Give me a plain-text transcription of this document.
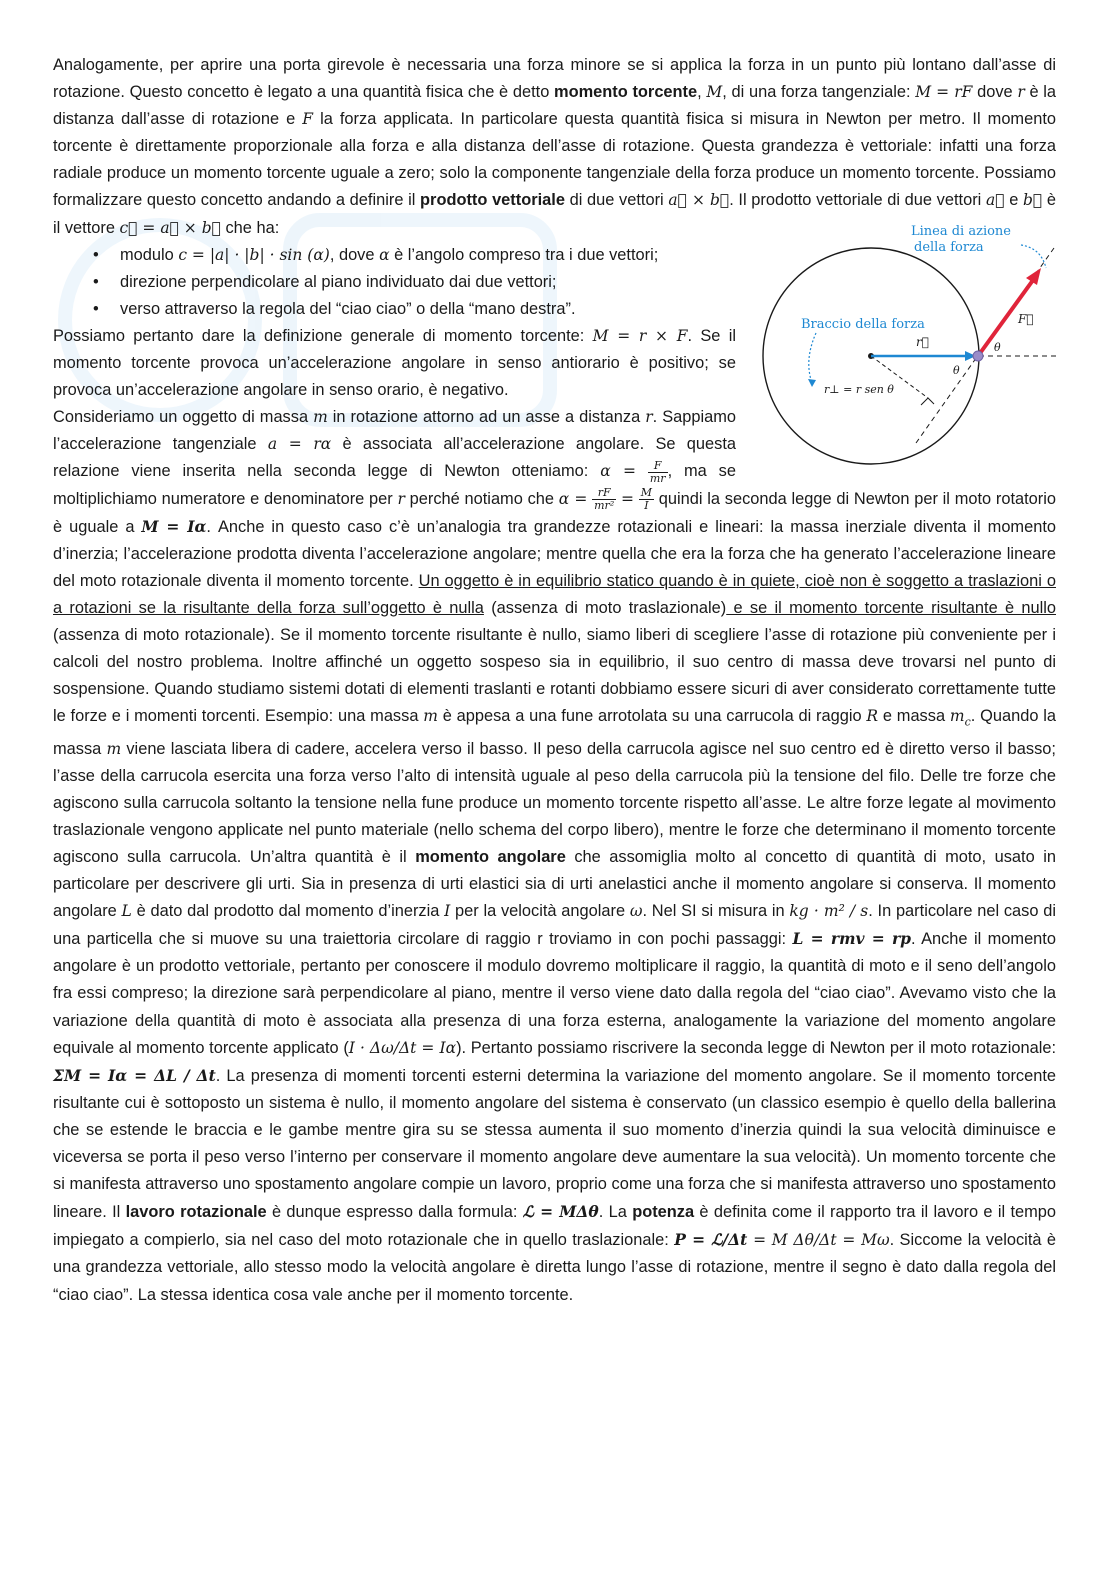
Analogamente, per aprire una porta girevole è necessaria una forza minore se si applica la forza in un punto più lontano dall’asse di rotazione. Questo concetto è legato a una quantità fisica che è detto momento torcente, M, di una forza tangenziale: M = rF dove r è la distanza dall’asse di rotazione e F la forza applicata. In particolare questa quantità fisica si misura in Newton per metro. Il momento torcente è direttamente proporzionale alla forza e alla distanza dell’asse di rotazione. Questa grandezza è vettoriale: infatti una forza radiale produce un momento torcente uguale a zero; solo la componente tangenziale della forza produce un momento torcente. Possiamo formalizzare questo concetto andando a definire il prodotto vettoriale di due vettori a⃗ × b⃗. Il prodotto vettoriale di due vettori a⃗ e b⃗ è il vettore c⃗ = a⃗ × b⃗ che ha:	Linea di azione
della forza
Braccio della forza
r⃗
F⃗
θ
θ
r⊥ = r sen θ
• modulo c = |a| · |b| · sin (α), dove α è l’angolo compreso tra i due vettori;
• direzione perpendicolare al piano individuato dai due vettori;
• verso attraverso la regola del “ciao ciao” o della “mano destra”.

Possiamo pertanto dare la definizione generale di momento torcente: M = r × F. Se il momento torcente provoca un’accelerazione angolare in senso antiorario è positivo; se provoca un’accelerazione angolare in senso orario, è negativo.

Consideriamo un oggetto di massa m in rotazione attorno ad un asse a distanza r. Sappiamo l’accelerazione tangenziale a = rα è associata all’accelerazione angolare. Se questa relazione viene inserita nella seconda legge di Newton otteniamo: $\alpha = \frac{F}{mr}$ , ma se moltiplichiamo numeratore e denominatore per r perché notiamo che $\alpha = \frac{rF}{\text{mr²}} = \frac{M}{I}$ quindi la seconda legge di Newton per il moto rotatorio è uguale a M = Iα. Anche in questo caso c’è un’analogia tra grandezze rotazionali e lineari: la massa inerziale diventa il momento d’inerzia; l’accelerazione prodotta diventa l’accelerazione angolare; mentre quella che era la forza che ha generato l’accelerazione lineare del moto rotazionale diventa il momento torcente. Un oggetto è in equilibrio statico quando è in quiete, cioè non è soggetto a traslazioni o a rotazioni se la risultante della forza sull’oggetto è nulla (assenza di moto traslazionale) e se il momento torcente risultante è nullo (assenza di moto rotazionale). Se il momento torcente risultante è nullo, siamo liberi di scegliere l’asse di rotazione più conveniente per i calcoli del nostro problema. Inoltre affinché un oggetto sospeso sia in equilibrio, il suo centro di massa deve trovarsi nel punto di sospensione. Quando studiamo sistemi dotati di elementi traslanti e rotanti dobbiamo essere sicuri di aver considerato correttamente tutte le forze e i momenti torcenti. Esempio: una massa m è appesa a una fune arrotolata su una carrucola di raggio R e massa $m_c$. Quando la massa m viene lasciata libera di cadere, accelera verso il basso. Il peso della carrucola agisce nel suo centro ed è diretto verso il basso; l’asse della carrucola esercita una forza verso l’alto di intensità uguale al peso della carrucola più la tensione del filo. Delle tre forze che agiscono sulla carrucola soltanto la tensione nella fune produce un momento torcente rispetto all’asse. Le altre forze legate al movimento traslazionale vengono applicate nel punto materiale (nello schema del corpo libero), mentre le forze che determinano il momento torcente agiscono sulla carrucola. Un’altra quantità è il momento angolare che assomiglia molto al concetto di quantità di moto, usato in particolare per descrivere gli urti. Sia in presenza di urti elastici sia di urti anelastici anche il momento angolare si conserva. Il momento angolare L è dato dal prodotto dal momento d’inerzia I per la velocità angolare ω. Nel SI si misura in kg · m² / s. In particolare nel caso di una particella che si muove su una traiettoria circolare di raggio r troviamo in con pochi passaggi: L = rmv = rp. Anche il momento angolare è un prodotto vettoriale, pertanto per conoscere il modulo dovremo moltiplicare il raggio, la quantità di moto e il seno dell’angolo fra essi compreso; la direzione sarà perpendicolare al piano, mentre il verso viene dato dalla regola del “ciao ciao”. Avevamo visto che la variazione della quantità di moto è associata alla presenza di una forza esterna, analogamente la variazione del momento angolare equivale al momento torcente applicato (I · Δω/Δt = Iα). Pertanto possiamo riscrivere la seconda legge di Newton per il moto rotazionale: ΣM = Iα = ΔL / Δt. La presenza di momenti torcenti esterni determina la variazione del momento angolare. Se il momento torcente risultante cui è sottoposto un sistema è nullo, il momento angolare del sistema è conservato (un classico esempio è quello della ballerina che se estende le braccia e le gambe mentre gira su se stessa aumenta il suo momento d’inerzia quindi la sua velocità diminuisce e viceversa se porta il peso verso l’interno per conservare il momento angolare deve aumentare la sua velocità). Un momento torcente che si manifesta attraverso uno spostamento angolare compie un lavoro, proprio come una forza che si manifesta attraverso uno spostamento lineare. Il lavoro rotazionale è dunque espresso dalla formula: ℒ = MΔθ. La potenza è definita come il rapporto tra il lavoro e il tempo impiegato a compierlo, sia nel caso del moto rotazionale che in quello traslazionale: P = ℒ/Δt = M Δθ/Δt = Mω. Siccome la velocità è una grandezza vettoriale, allo stesso modo la velocità angolare è diretta lungo l’asse di rotazione, mentre il segno è dato dalla regola del “ciao ciao”. La stessa identica cosa vale anche per il momento torcente.
